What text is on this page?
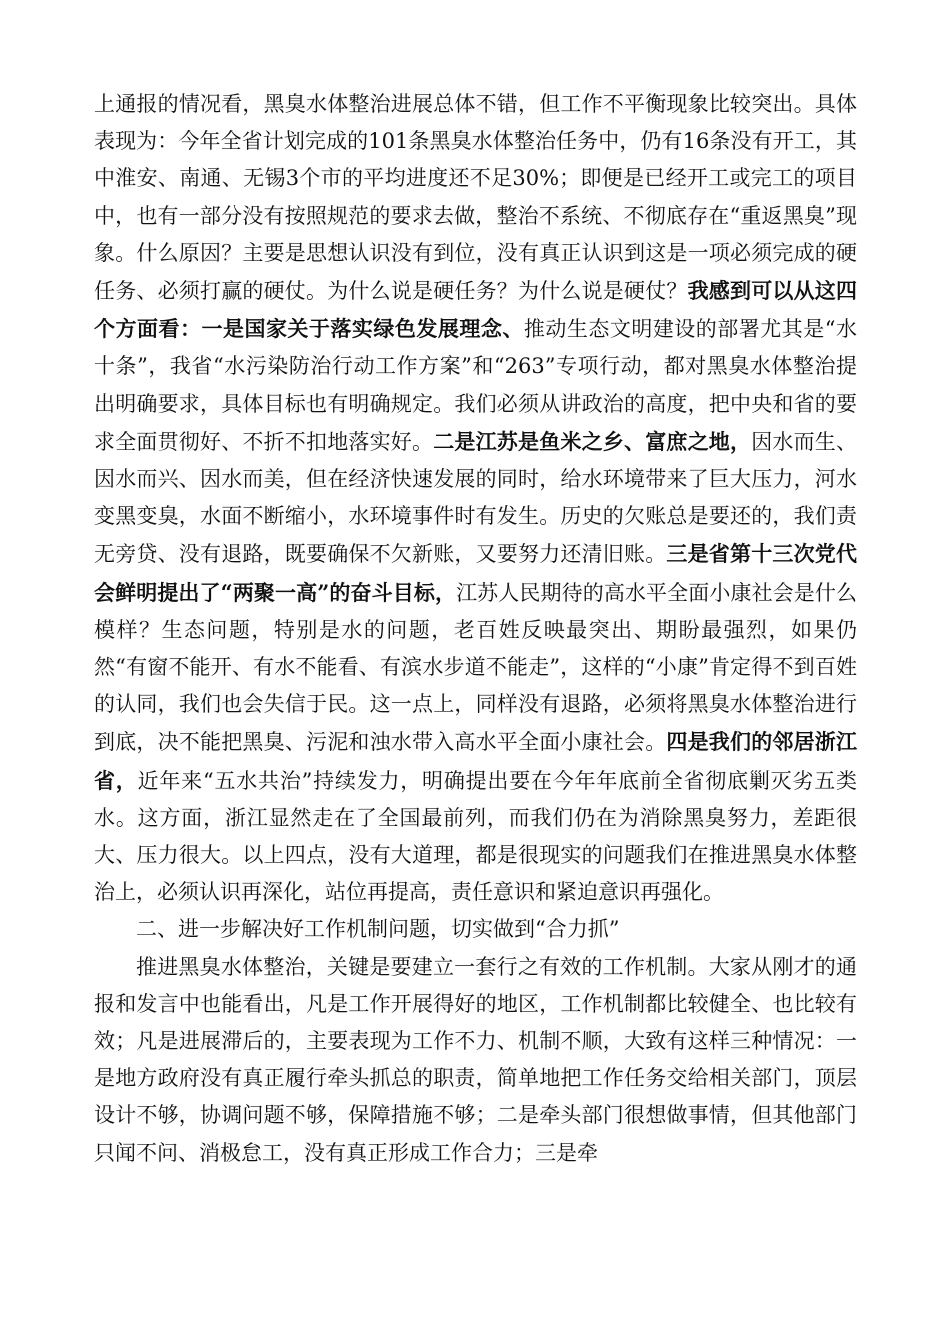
上通报的情况看，黑臭水体整治进展总体不错，但工作不平衡现象比较突出。具体表现为：今年全省计划完成的101条黑臭水体整治任务中，仍有16条没有开工，其中淮安、南通、无锡3个市的平均进度还不足30%；即便是已经开工或完工的项目中，也有一部分没有按照规范的要求去做，整治不系统、不彻底存在“重返黑臭”现象。什么原因？主要是思想认识没有到位，没有真正认识到这是一项必须完成的硬任务、必须打赢的硬仗。为什么说是硬任务？为什么说是硬仗？我感到可以从这四个方面看：一是国家关于落实绿色发展理念、推动生态文明建设的部署尤其是“水十条”，我省“水污染防治行动工作方案”和“263”专项行动，都对黑臭水体整治提出明确要求，具体目标也有明确规定。我们必须从讲政治的高度，把中央和省的要求全面贯彻好、不折不扣地落实好。二是江苏是鱼米之乡、富庶之地，因水而生、因水而兴、因水而美，但在经济快速发展的同时，给水环境带来了巨大压力，河水变黑变臭，水面不断缩小，水环境事件时有发生。历史的欠账总是要还的，我们责无旁贷、没有退路，既要确保不欠新账，又要努力还清旧账。三是省第十三次党代会鲜明提出了“两聚一高”的奋斗目标，江苏人民期待的高水平全面小康社会是什么模样？生态问题，特别是水的问题，老百姓反映最突出、期盼最强烈，如果仍然“有窗不能开、有水不能看、有滨水步道不能走”，这样的“小康”肯定得不到百姓的认同，我们也会失信于民。这一点上，同样没有退路，必须将黑臭水体整治进行到底，决不能把黑臭、污泥和浊水带入高水平全面小康社会。四是我们的邻居浙江省，近年来“五水共治”持续发力，明确提出要在今年年底前全省彻底剿灭劣五类水。这方面，浙江显然走在了全国最前列，而我们仍在为消除黑臭努力，差距很大、压力很大。以上四点，没有大道理，都是很现实的问题我们在推进黑臭水体整治上，必须认识再深化，站位再提高，责任意识和紧迫意识再强化。

二、进一步解决好工作机制问题，切实做到“合力抓”

推进黑臭水体整治，关键是要建立一套行之有效的工作机制。大家从刚才的通报和发言中也能看出，凡是工作开展得好的地区，工作机制都比较健全、也比较有效；凡是进展滞后的，主要表现为工作不力、机制不顺，大致有这样三种情况：一是地方政府没有真正履行牵头抓总的职责，简单地把工作任务交给相关部门，顶层设计不够，协调问题不够，保障措施不够；二是牵头部门很想做事情，但其他部门只闻不问、消极怠工，没有真正形成工作合力；三是牵
